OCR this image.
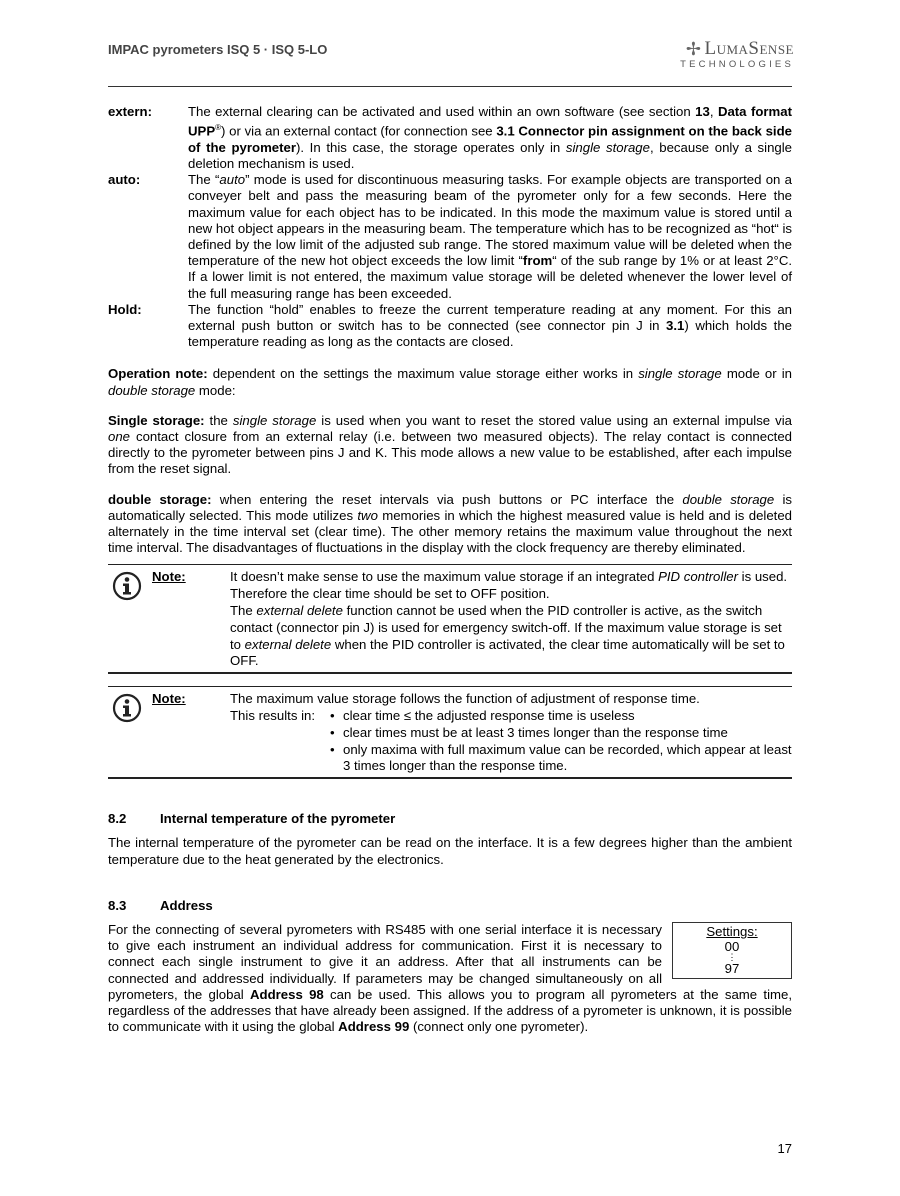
IMPAC pyrometers ISQ 5 · ISQ 5-LO	✢ LumaSense
TECHNOLOGIES
extern:	The external clearing can be activated and used within an own software (see section 13, Data format UPP®) or via an external contact (for connection see 3.1 Connector pin assignment on the back side of the pyrometer). In this case, the storage operates only in single storage, because only a single deletion mechanism is used.
auto:	The “auto” mode is used for discontinuous measuring tasks. For example objects are transported on a conveyer belt and pass the measuring beam of the pyrometer only for a few seconds. Here the maximum value for each object has to be indicated. In this mode the maximum value is stored until a new hot object appears in the measuring beam. The temperature which has to be recognized as “hot“ is defined by the low limit of the adjusted sub range. The stored maximum value will be deleted when the temperature of the new hot object exceeds the low limit “from“ of the sub range by 1% or at least 2°C. If a lower limit is not entered, the maximum value storage will be deleted whenever the lower level of the full measuring range has been exceeded.
Hold:	The function “hold” enables to freeze the current temperature reading at any moment. For this an external push button or switch has to be connected (see connector pin J in 3.1) which holds the temperature reading as long as the contacts are closed.

Operation note: dependent on the settings the maximum value storage either works in single storage mode or in double storage mode:

Single storage: the single storage is used when you want to reset the stored value using an external impulse via one contact closure from an external relay (i.e. between two measured objects). The relay contact is connected directly to the pyrometer between pins J and K. This mode allows a new value to be established, after each impulse from the reset signal.

double storage: when entering the reset intervals via push buttons or PC interface the double storage is automatically selected. This mode utilizes two memories in which the highest measured value is held and is deleted alternately in the time interval set (clear time). The other memory retains the maximum value throughout the next time interval. The disadvantages of fluctuations in the display with the clock frequency are thereby eliminated.

Note:	It doesn’t make sense to use the maximum value storage if an integrated PID controller is used. Therefore the clear time should be set to OFF position.

The external delete function cannot be used when the PID controller is active, as the switch contact (connector pin J) is used for emergency switch-off. If the maximum value storage is set to external delete when the PID controller is activated, the clear time automatically will be set to OFF.

Note:	The maximum value storage follows the function of adjustment of response time.

This results in:
•	clear time ≤ the adjusted response time is useless
• clear times must be at least 3 times longer than the response time
• only maxima with full maximum value can be recorded, which appear at least 3 times longer than the response time.
8.2	Internal temperature of the pyrometer

The internal temperature of the pyrometer can be read on the interface. It is a few degrees higher than the ambient temperature due to the heat generated by the electronics.

8.3	Address
Settings:
00
⋮
97
For the connecting of several pyrometers with RS485 with one serial interface it is necessary to give each instrument an individual address for communication. First it is necessary to connect each single instrument to give it an address. After that all instruments can be connected and addressed individually. If parameters may be changed simultaneously on all pyrometers, the global Address 98 can be used. This allows you to program all pyrometers at the same time, regardless of the addresses that have already been assigned. If the address of a pyrometer is unknown, it is possible to communicate with it using the global Address 99 (connect only one pyrometer).
17
